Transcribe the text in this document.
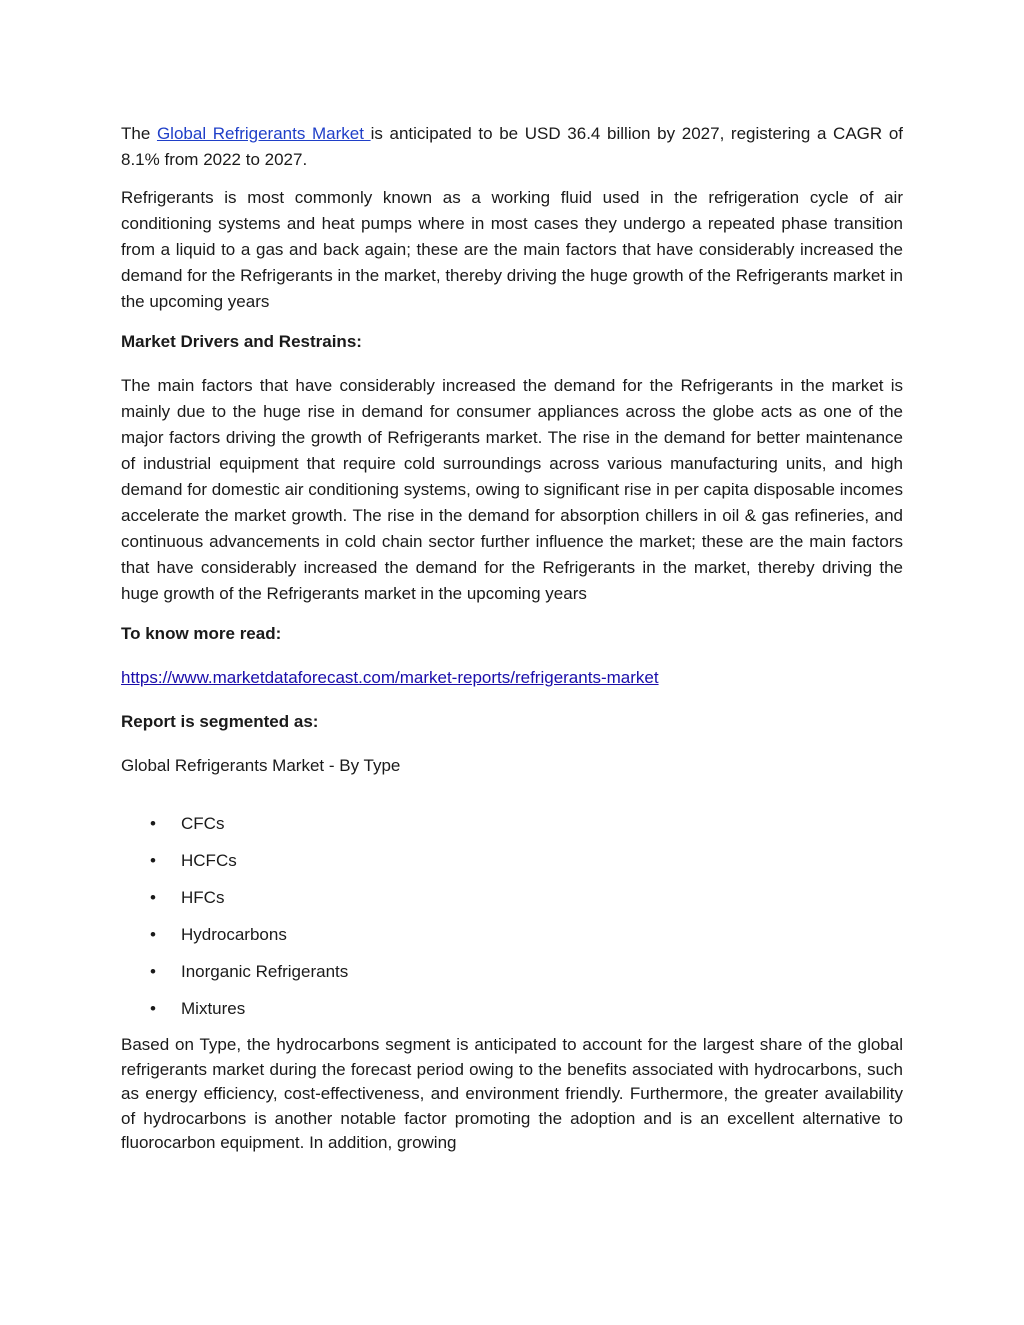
The Global Refrigerants Market is anticipated to be USD 36.4 billion by 2027, registering a CAGR of 8.1% from 2022 to 2027.

Refrigerants is most commonly known as a working fluid used in the refrigeration cycle of air conditioning systems and heat pumps where in most cases they undergo a repeated phase transition from a liquid to a gas and back again; these are the main factors that have considerably increased the demand for the Refrigerants in the market, thereby driving the huge growth of the Refrigerants market in the upcoming years

Market Drivers and Restrains:

The main factors that have considerably increased the demand for the Refrigerants in the market is mainly due to the huge rise in demand for consumer appliances across the globe acts as one of the major factors driving the growth of Refrigerants market. The rise in the demand for better maintenance of industrial equipment that require cold surroundings across various manufacturing units, and high demand for domestic air conditioning systems, owing to significant rise in per capita disposable incomes accelerate the market growth. The rise in the demand for absorption chillers in oil & gas refineries, and continuous advancements in cold chain sector further influence the market; these are the main factors that have considerably increased the demand for the Refrigerants in the market, thereby driving the huge growth of the Refrigerants market in the upcoming years

To know more read:

https://www.marketdataforecast.com/market-reports/refrigerants-market

Report is segmented as:

Global Refrigerants Market - By Type

• CFCs
• HCFCs
• HFCs
• Hydrocarbons
• Inorganic Refrigerants
• Mixtures

Based on Type, the hydrocarbons segment is anticipated to account for the largest share of the global refrigerants market during the forecast period owing to the benefits associated with hydrocarbons, such as energy efficiency, cost-effectiveness, and environment friendly. Furthermore, the greater availability of hydrocarbons is another notable factor promoting the adoption and is an excellent alternative to fluorocarbon equipment. In addition, growing
